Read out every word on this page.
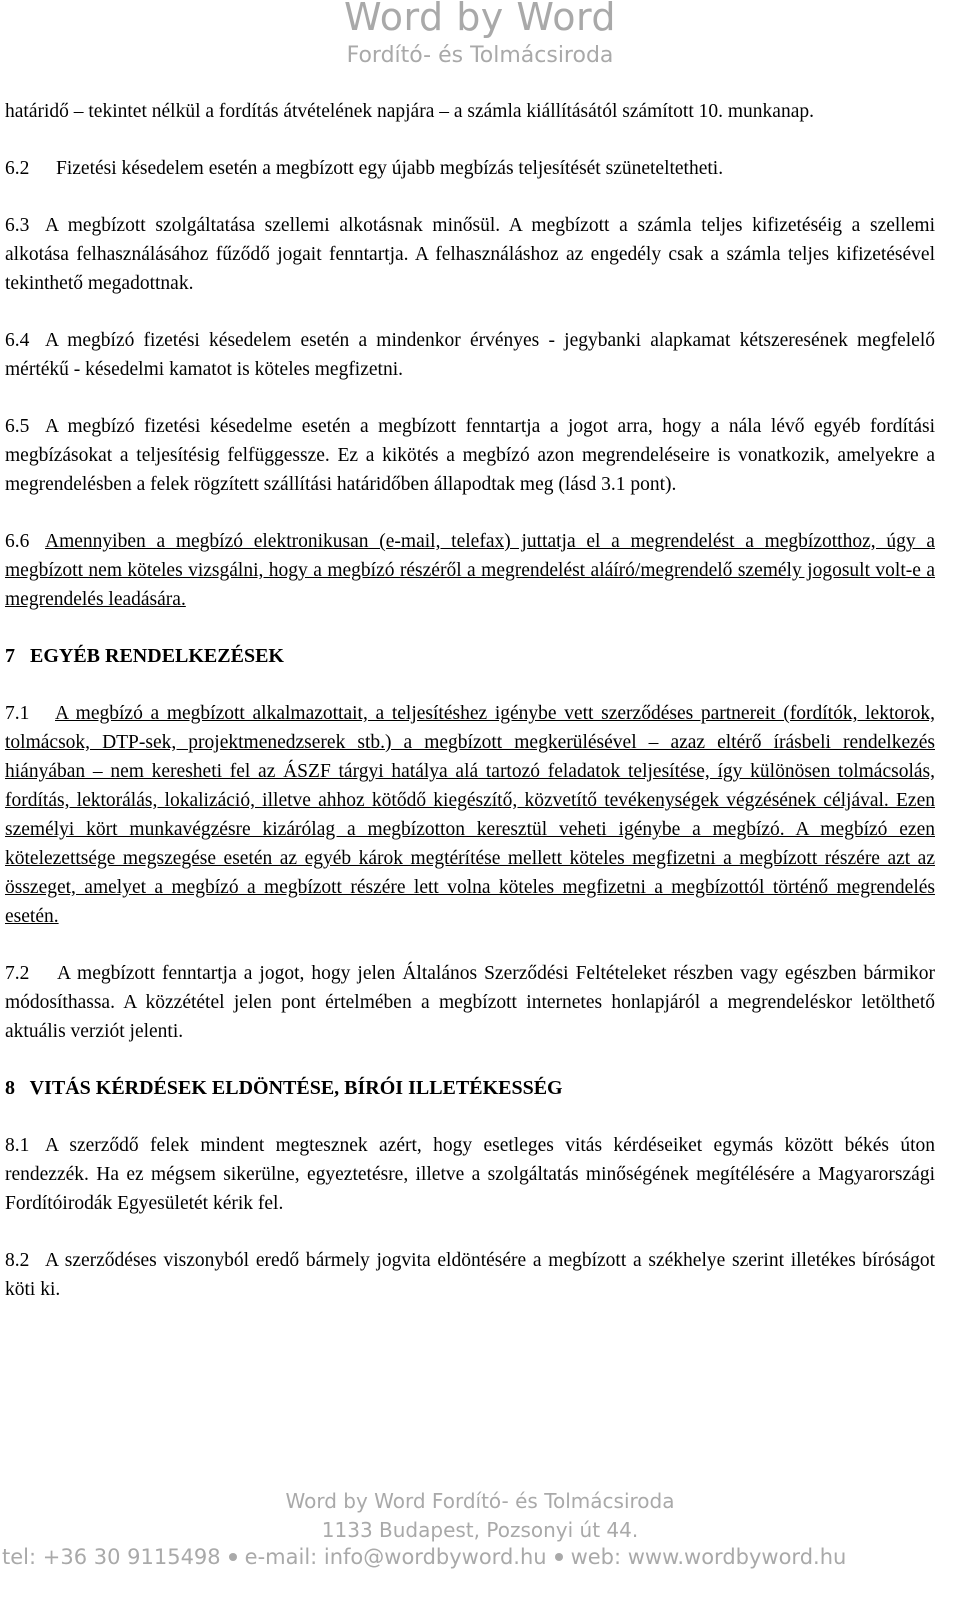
Word by Word
Fordító- és Tolmácsiroda

határidő – tekintet nélkül a fordítás átvételének napjára – a számla kiállításától számított 10. munkanap.

6.2 Fizetési késedelem esetén a megbízott egy újabb megbízás teljesítését szüneteltetheti.

6.3 A megbízott szolgáltatása szellemi alkotásnak minősül. A megbízott a számla teljes kifizetéséig a szellemi alkotása felhasználásához fűződő jogait fenntartja. A felhasználáshoz az engedély csak a számla teljes kifizetésével tekinthető megadottnak.

6.4 A megbízó fizetési késedelem esetén a mindenkor érvényes - jegybanki alapkamat kétszeresének megfelelő mértékű - késedelmi kamatot is köteles megfizetni.

6.5 A megbízó fizetési késedelme esetén a megbízott fenntartja a jogot arra, hogy a nála lévő egyéb fordítási megbízásokat a teljesítésig felfüggessze. Ez a kikötés a megbízó azon megrendeléseire is vonatkozik, amelyekre a megrendelésben a felek rögzített szállítási határidőben állapodtak meg (lásd 3.1 pont).

6.6 Amennyiben a megbízó elektronikusan (e-mail, telefax) juttatja el a megrendelést a megbízotthoz, úgy a megbízott nem köteles vizsgálni, hogy a megbízó részéről a megrendelést aláíró/megrendelő személy jogosult volt-e a megrendelés leadására.

7   EGYÉB RENDELKEZÉSEK

7.1 A megbízó a megbízott alkalmazottait, a teljesítéshez igénybe vett szerződéses partnereit (fordítók, lektorok, tolmácsok, DTP-sek, projektmenedzserek stb.) a megbízott megkerülésével – azaz eltérő írásbeli rendelkezés hiányában – nem keresheti fel az ÁSZF tárgyi hatálya alá tartozó feladatok teljesítése, így különösen tolmácsolás, fordítás, lektorálás, lokalizáció, illetve ahhoz kötődő kiegészítő, közvetítő tevékenységek végzésének céljával. Ezen személyi kört munkavégzésre kizárólag a megbízotton keresztül veheti igénybe a megbízó. A megbízó ezen kötelezettsége megszegése esetén az egyéb károk megtérítése mellett köteles megfizetni a megbízott részére azt az összeget, amelyet a megbízó a megbízott részére lett volna köteles megfizetni a megbízottól történő megrendelés esetén.

7.2 A megbízott fenntartja a jogot, hogy jelen Általános Szerződési Feltételeket részben vagy egészben bármikor módosíthassa. A közzététel jelen pont értelmében a megbízott internetes honlapjáról a megrendeléskor letölthető aktuális verziót jelenti.

8   VITÁS KÉRDÉSEK ELDÖNTÉSE, BÍRÓI ILLETÉKESSÉG

8.1 A szerződő felek mindent megtesznek azért, hogy esetleges vitás kérdéseiket egymás között békés úton rendezzék. Ha ez mégsem sikerülne, egyeztetésre, illetve a szolgáltatás minőségének megítélésére a Magyarországi Fordítóirodák Egyesületét kérik fel.

8.2 A szerződéses viszonyból eredő bármely jogvita eldöntésére a megbízott a székhelye szerint illetékes bíróságot köti ki.

Word by Word Fordító- és Tolmácsiroda
1133 Budapest, Pozsonyi út 44.
tel: +36 30 9115498 e-mail: info@wordbyword.hu web: www.wordbyword.hu
